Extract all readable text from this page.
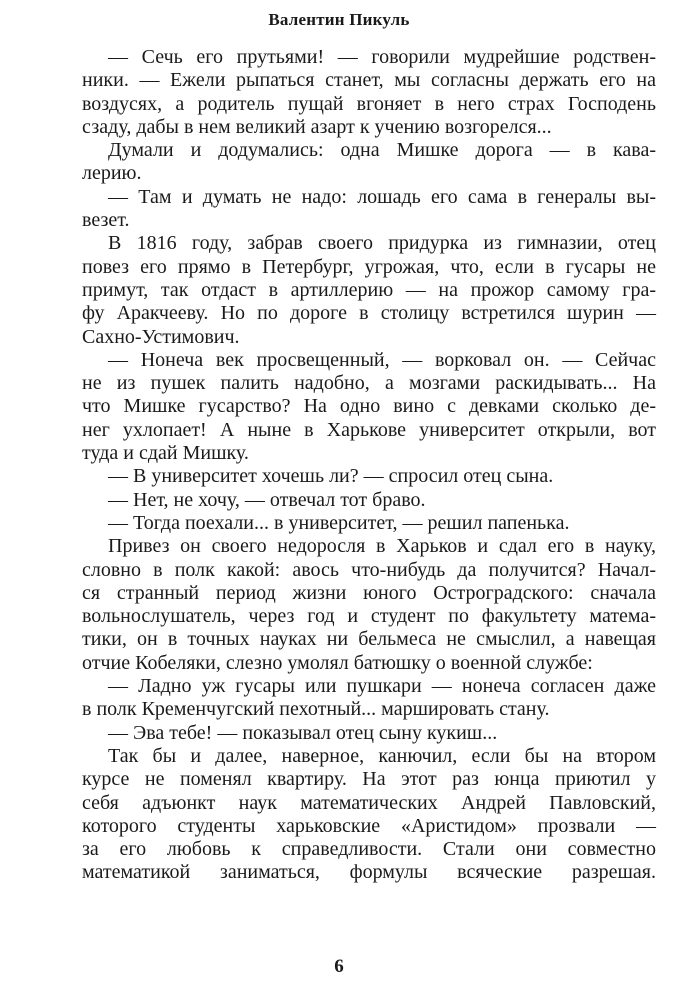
Валентин Пикуль
— Сечь его прутьями! — говорили мудрейшие родствен-
ники. — Ежели рыпаться станет, мы согласны держать его на
воздусях, а родитель пущай вгоняет в него страх Господень
сзаду, дабы в нем великий азарт к учению возгорелся...
Думали и додумались: одна Мишке дорога — в кава-
лерию.
— Там и думать не надо: лошадь его сама в генералы вы-
везет.
В 1816 году, забрав своего придурка из гимназии, отец
повез его прямо в Петербург, угрожая, что, если в гусары не
примут, так отдаст в артиллерию — на прожор самому гра-
фу Аракчееву. Но по дороге в столицу встретился шурин —
Сахно-Устимович.
— Нонеча век просвещенный, — ворковал он. — Сейчас
не из пушек палить надобно, а мозгами раскидывать... На
что Мишке гусарство? На одно вино с девками сколько де-
нег ухлопает! А ныне в Харькове университет открыли, вот
туда и сдай Мишку.
— В университет хочешь ли? — спросил отец сына.
— Нет, не хочу, — отвечал тот браво.
— Тогда поехали... в университет, — решил папенька.
Привез он своего недоросля в Харьков и сдал его в науку,
словно в полк какой: авось что-нибудь да получится? Начал-
ся странный период жизни юного Остроградского: сначала
вольнослушатель, через год и студент по факультету матема-
тики, он в точных науках ни бельмеса не смыслил, а навещая
отчие Кобеляки, слезно умолял батюшку о военной службе:
— Ладно уж гусары или пушкари — нонеча согласен даже
в полк Кременчугский пехотный... маршировать стану.
— Эва тебе! — показывал отец сыну кукиш...
Так бы и далее, наверное, канючил, если бы на втором
курсе не поменял квартиру. На этот раз юнца приютил у
себя адъюнкт наук математических Андрей Павловский,
которого студенты харьковские «Аристидом» прозвали —
за его любовь к справедливости. Стали они совместно
математикой заниматься, формулы всяческие разрешая.
6
